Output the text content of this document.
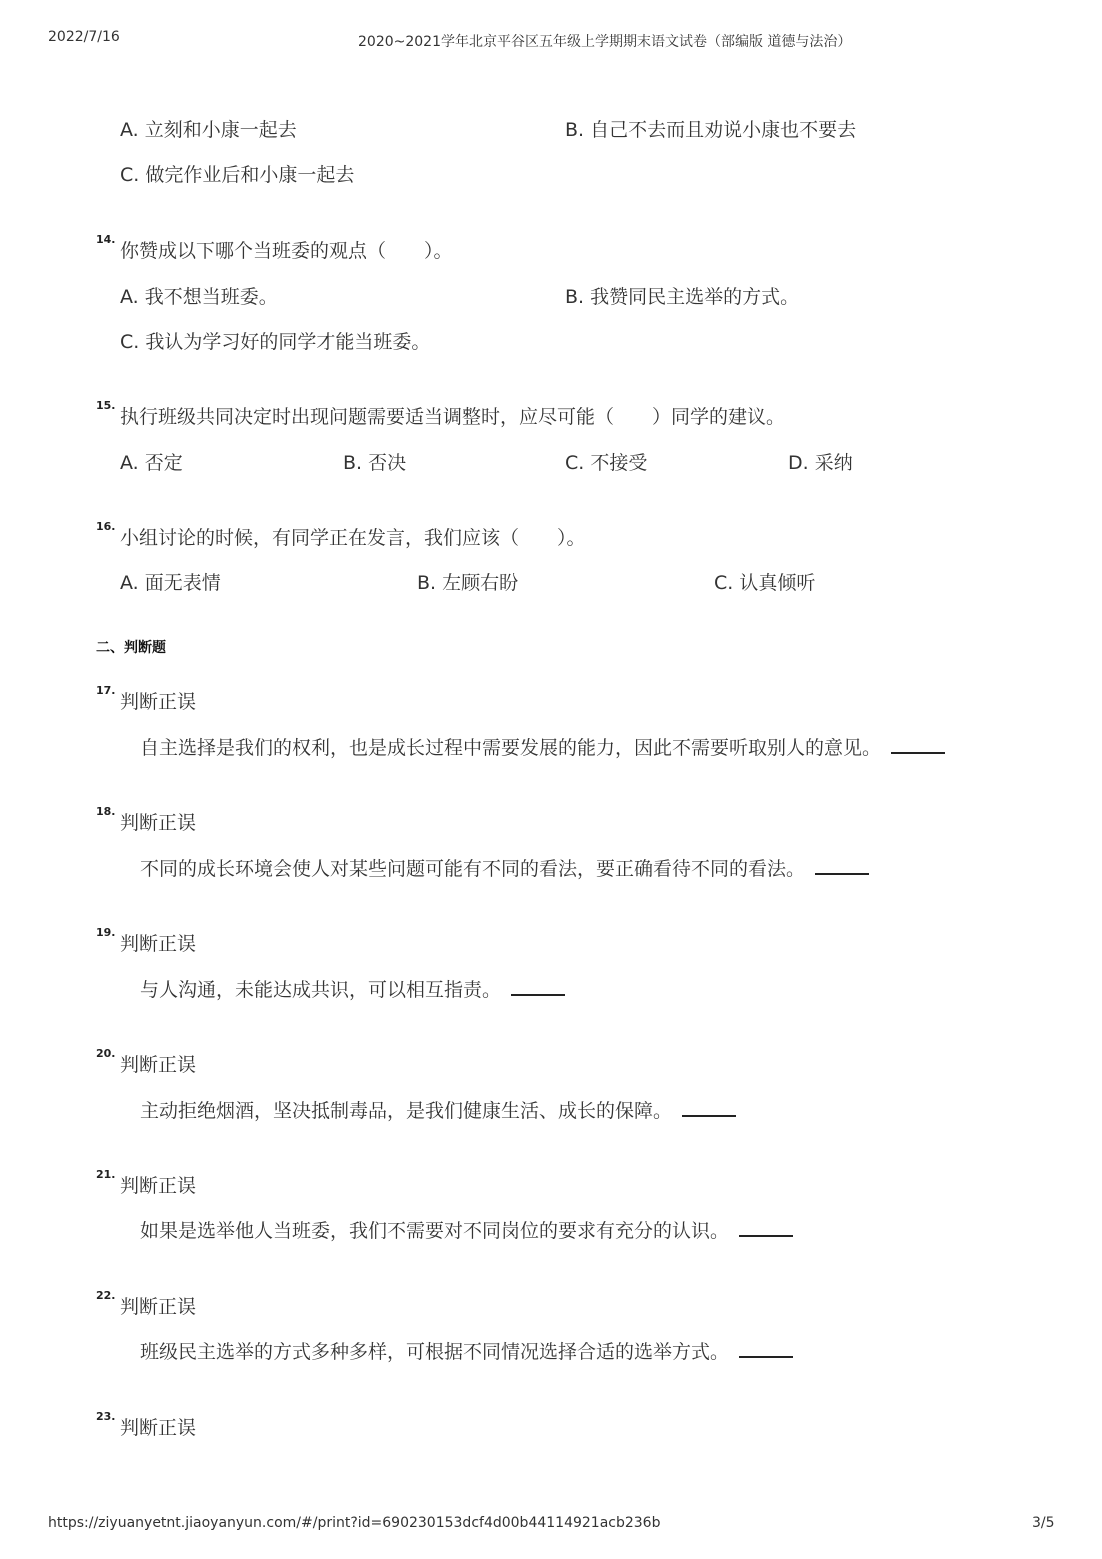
2022/7/16	2020~2021学年北京平谷区五年级上学期期末语文试卷（部编版 道德与法治）
A. 立刻和小康一起去	B. 自己不去而且劝说小康也不要去
C. 做完作业后和小康一起去
14.
你赞成以下哪个当班委的观点（　　）。
A. 我不想当班委。	B. 我赞同民主选举的方式。
C. 我认为学习好的同学才能当班委。
15.
执行班级共同决定时出现问题需要适当调整时，应尽可能（　　）同学的建议。
A. 否定	B. 否决	C. 不接受	D. 采纳
16.
小组讨论的时候，有同学正在发言，我们应该（　　）。
A. 面无表情	B. 左顾右盼	C. 认真倾听
二、判断题
17.
判断正误
自主选择是我们的权利，也是成长过程中需要发展的能力，因此不需要听取别人的意见。
18.
判断正误
不同的成长环境会使人对某些问题可能有不同的看法，要正确看待不同的看法。
19.
判断正误
与人沟通，未能达成共识，可以相互指责。
20.
判断正误
主动拒绝烟酒，坚决抵制毒品，是我们健康生活、成长的保障。
21.
判断正误
如果是选举他人当班委，我们不需要对不同岗位的要求有充分的认识。
22.
判断正误
班级民主选举的方式多种多样，可根据不同情况选择合适的选举方式。
23.
判断正误
https://ziyuanyetnt.jiaoyanyun.com/#/print?id=690230153dcf4d00b44114921acb236b	3/5
